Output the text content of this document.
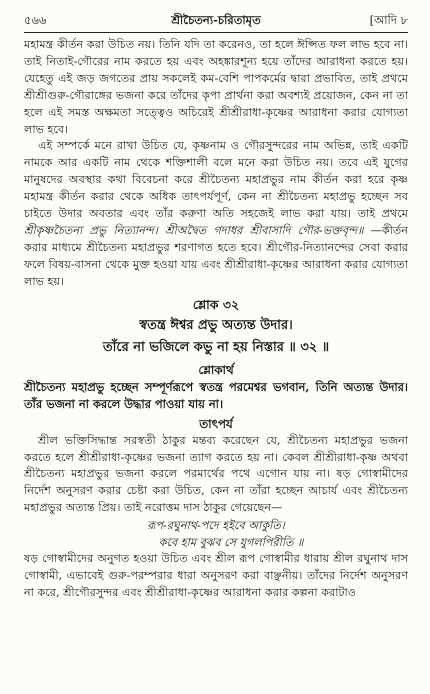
৫৬৬	শ্রীচৈতন্য-চরিতামৃত	[আদি ৮

মহামন্ত্র কীর্তন করা উচিত নয়। তিনি যদি তা করেনও, তা হলে ঈপ্সিত ফল লাভ হবে না। তাই নিতাই-গৌরের নাম করতে হয় এবং অহঙ্কারশূন্য হয়ে তাঁদের আরাধনা করতে হয়। যেহেতু এই জড় জগতের প্রায় সকলেই কম-বেশি পাপকর্মের দ্বারা প্রভাবিত, তাই প্রথমে শ্রীশ্রীগুরু-গৌরাঙ্গের ভজনা করে তাঁদের কৃপা প্রার্থনা করা অবশ্যই প্রয়োজন, কেন না তা হলে এই সমস্ত অক্ষমতা সত্ত্বেও অচিরেই শ্রীশ্রীরাধা-কৃষ্ণের আরাধনা করার যোগ্যতা লাভ হবে।

এই সম্পর্কে মনে রাখা উচিত যে, কৃষ্ণনাম ও গৌরসুন্দরের নাম অভিন্ন, তাই একটি নামকে আর একটি নাম থেকে শক্তিশালী বলে মনে করা উচিত নয়। তবে এই যুগের মানুষদের অবস্থার কথা বিবেচনা করে শ্রীচৈতন্য মহাপ্রভুর নাম কীর্তন করা হরে কৃষ্ণ মহামন্ত্র কীর্তন করার থেকে অধিক তাৎপর্যপূর্ণ, কেন না শ্রীচৈতন্য মহাপ্রভু হচ্ছেন সব চাইতে উদার অবতার এবং তাঁর করুণা অতি সহজেই লাভ করা যায়। তাই প্রথমে শ্রীকৃষ্ণচৈতন্য প্রভু নিত্যানন্দ। শ্রীঅদ্বৈত গদাধর শ্রীবাসাদি গৌর-ভক্তবৃন্দ॥ —কীর্তন করার মাধ্যমে শ্রীচৈতন্য মহাপ্রভুর শরণাগত হতে হবে। শ্রীগৌর-নিত্যানন্দের সেবা করার ফলে বিষয়-বাসনা থেকে মুক্ত হওয়া যায় এবং শ্রীশ্রীরাধা-কৃষ্ণের আরাধনা করার যোগ্যতা লাভ হয়।

শ্লোক ৩২
স্বতন্ত্র ঈশ্বর প্রভু অত্যন্ত উদার।
তাঁরে না ভজিলে কভু না হয় নিস্তার ॥ ৩২ ॥
শ্লোকার্থ

শ্রীচৈতন্য মহাপ্রভু হচ্ছেন সম্পূর্ণরূপে স্বতন্ত্র পরমেশ্বর ভগবান, তিনি অত্যন্ত উদার। তাঁর ভজনা না করলে উদ্ধার পাওয়া যায় না।

তাৎপর্য

শ্রীল ভক্তিসিদ্ধান্ত সরস্বতী ঠাকুর মন্তব্য করেছেন যে, শ্রীচৈতন্য মহাপ্রভুর ভজনা করতে হলে শ্রীশ্রীরাধা-কৃষ্ণের ভজনা ত্যাগ করতে হয় না। কেবল শ্রীশ্রীরাধা-কৃষ্ণ অথবা শ্রীচৈতন্য মহাপ্রভুর ভজনা করলে পরমার্থের পথে এগোন যায় না। ষড় গোস্বামীদের নির্দেশ অনুসরণ করার চেষ্টা করা উচিত, কেন না তাঁরা হচ্ছেন আচার্য এবং শ্রীচৈতন্য মহাপ্রভুর অত্যন্ত প্রিয়। তাই নরোত্তম দাস ঠাকুর গেয়েছেন—

রূপ-রঘুনাথ-পদে হইবে আকুতি।
কবে হাম বুঝব সে যুগলপিরীতি ॥

ষড় গোস্বামীদের অনুগত হওয়া উচিত এবং শ্রীল রূপ গোস্বামীর ধারায় শ্রীল রঘুনাথ দাস গোস্বামী, এভাবেই গুরু-পরম্পরার ধারা অনুসরণ করা বাঞ্ছনীয়। তাঁদের নির্দেশ অনুসরণ না করে, শ্রীগৌরসুন্দর এবং শ্রীশ্রীরাধা-কৃষ্ণের আরাধনা করার কল্পনা করাটাও
